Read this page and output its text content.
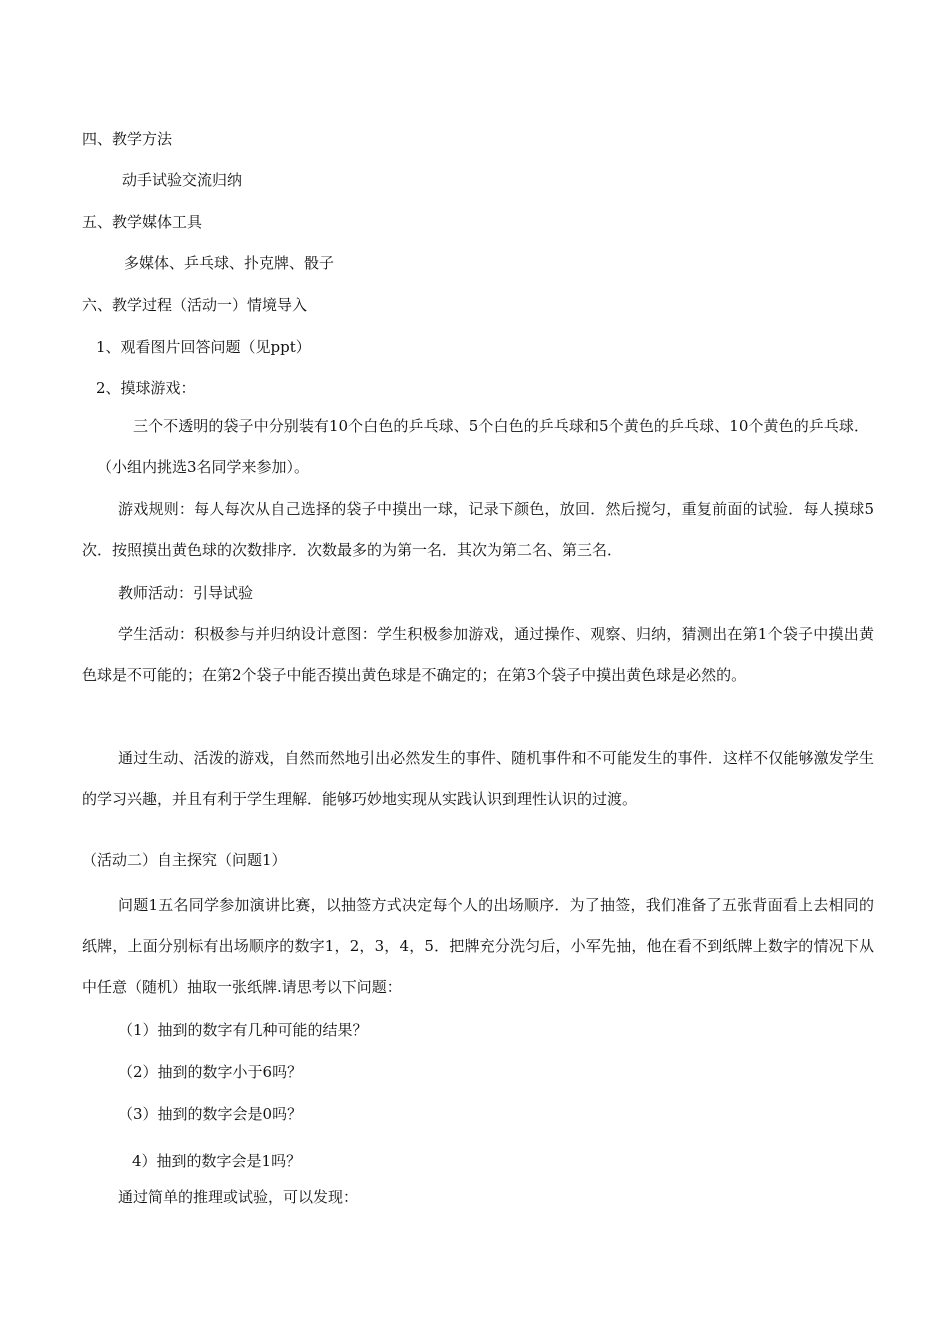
四、教学方法
动手试验交流归纳
五、教学媒体工具
多媒体、乒乓球、扑克牌、骰子
六、教学过程（活动一）情境导入
1、观看图片回答问题（见ppt）
2、摸球游戏：
三个不透明的袋子中分别装有10个白色的乒乓球、5个白色的乒乓球和5个黄色的乒乓球、10个黄色的乒乓球．（小组内挑选3名同学来参加）。
游戏规则：每人每次从自己选择的袋子中摸出一球，记录下颜色，放回．然后搅匀，重复前面的试验．每人摸球5次．按照摸出黄色球的次数排序．次数最多的为第一名．其次为第二名、第三名．
教师活动：引导试验
学生活动：积极参与并归纳设计意图：学生积极参加游戏，通过操作、观察、归纳，猜测出在第1个袋子中摸出黄色球是不可能的；在第2个袋子中能否摸出黄色球是不确定的；在第3个袋子中摸出黄色球是必然的。
通过生动、活泼的游戏，自然而然地引出必然发生的事件、随机事件和不可能发生的事件．这样不仅能够激发学生的学习兴趣，并且有利于学生理解．能够巧妙地实现从实践认识到理性认识的过渡。
（活动二）自主探究（问题1）
问题1五名同学参加演讲比赛，以抽签方式决定每个人的出场顺序．为了抽签，我们准备了五张背面看上去相同的纸牌，上面分别标有出场顺序的数字1，2，3，4，5．把牌充分洗匀后，小军先抽，他在看不到纸牌上数字的情况下从中任意（随机）抽取一张纸牌.请思考以下问题：
（1）抽到的数字有几种可能的结果？
（2）抽到的数字小于6吗？
（3）抽到的数字会是0吗？
4）抽到的数字会是1吗？
通过简单的推理或试验，可以发现：
